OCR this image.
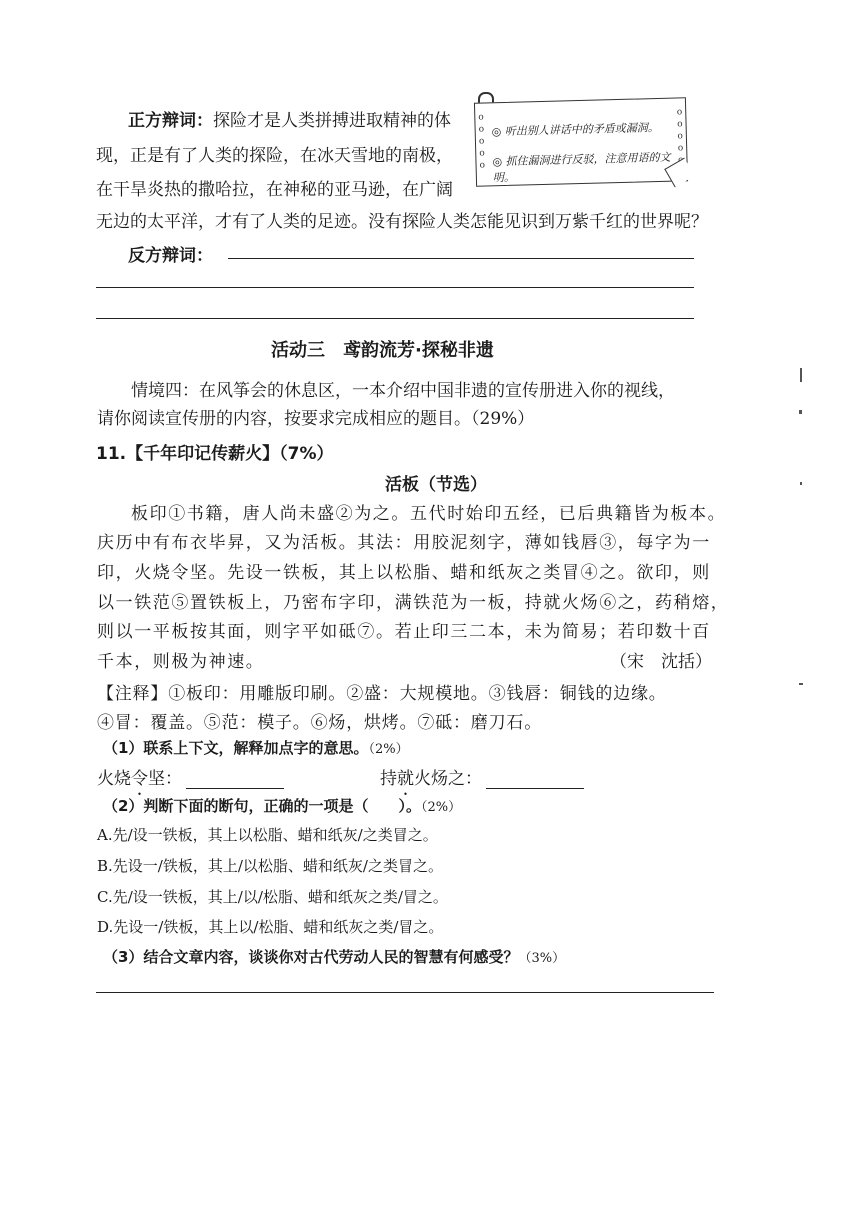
正方辩词：探险才是人类拼搏进取精神的体
现，正是有了人类的探险，在冰天雪地的南极，
在干旱炎热的撒哈拉，在神秘的亚马逊，在广阔
无边的太平洋，才有了人类的足迹。没有探险人类怎能见识到万紫千红的世界呢？
o
o
o
o
o
o
o
o
o

◎ 听出别人讲话中的矛盾或漏洞。
◎ 抓住漏洞进行反驳，注意用语的文明。
反方辩词：
活动三　鸢韵流芳·探秘非遗
情境四：在风筝会的休息区，一本介绍中国非遗的宣传册进入你的视线，
请你阅读宣传册的内容，按要求完成相应的题目。（29%）
11.【千年印记传薪火】（7%）
活板（节选）
板印①书籍，唐人尚未盛②为之。五代时始印五经，已后典籍皆为板本。
庆历中有布衣毕昇，又为活板。其法：用胶泥刻字，薄如钱唇③，每字为一
印，火烧令坚。先设一铁板，其上以松脂、蜡和纸灰之类冒④之。欲印，则
以一铁范⑤置铁板上，乃密布字印，满铁范为一板，持就火炀⑥之，药稍熔，
则以一平板按其面，则字平如砥⑦。若止印三二本，未为简易；若印数十百
千本，则极为神速。	（宋　沈括）
【注释】①板印：用雕版印刷。②盛：大规模地。③钱唇：铜钱的边缘。
④冒：覆盖。⑤范：模子。⑥炀，烘烤。⑦砥：磨刀石。
（1）联系上下文，解释加点字的意思。（2%）
火烧令坚：	持就火炀之：
（2）判断下面的断句，正确的一项是（　　）。（2%）
A.先/设一铁板，其上以松脂、蜡和纸灰/之类冒之。
B.先设一/铁板，其上/以松脂、蜡和纸灰/之类冒之。
C.先/设一铁板，其上/以/松脂、蜡和纸灰之类/冒之。
D.先设一/铁板，其上以/松脂、蜡和纸灰之类/冒之。
（3）结合文章内容，谈谈你对古代劳动人民的智慧有何感受？（3%）
